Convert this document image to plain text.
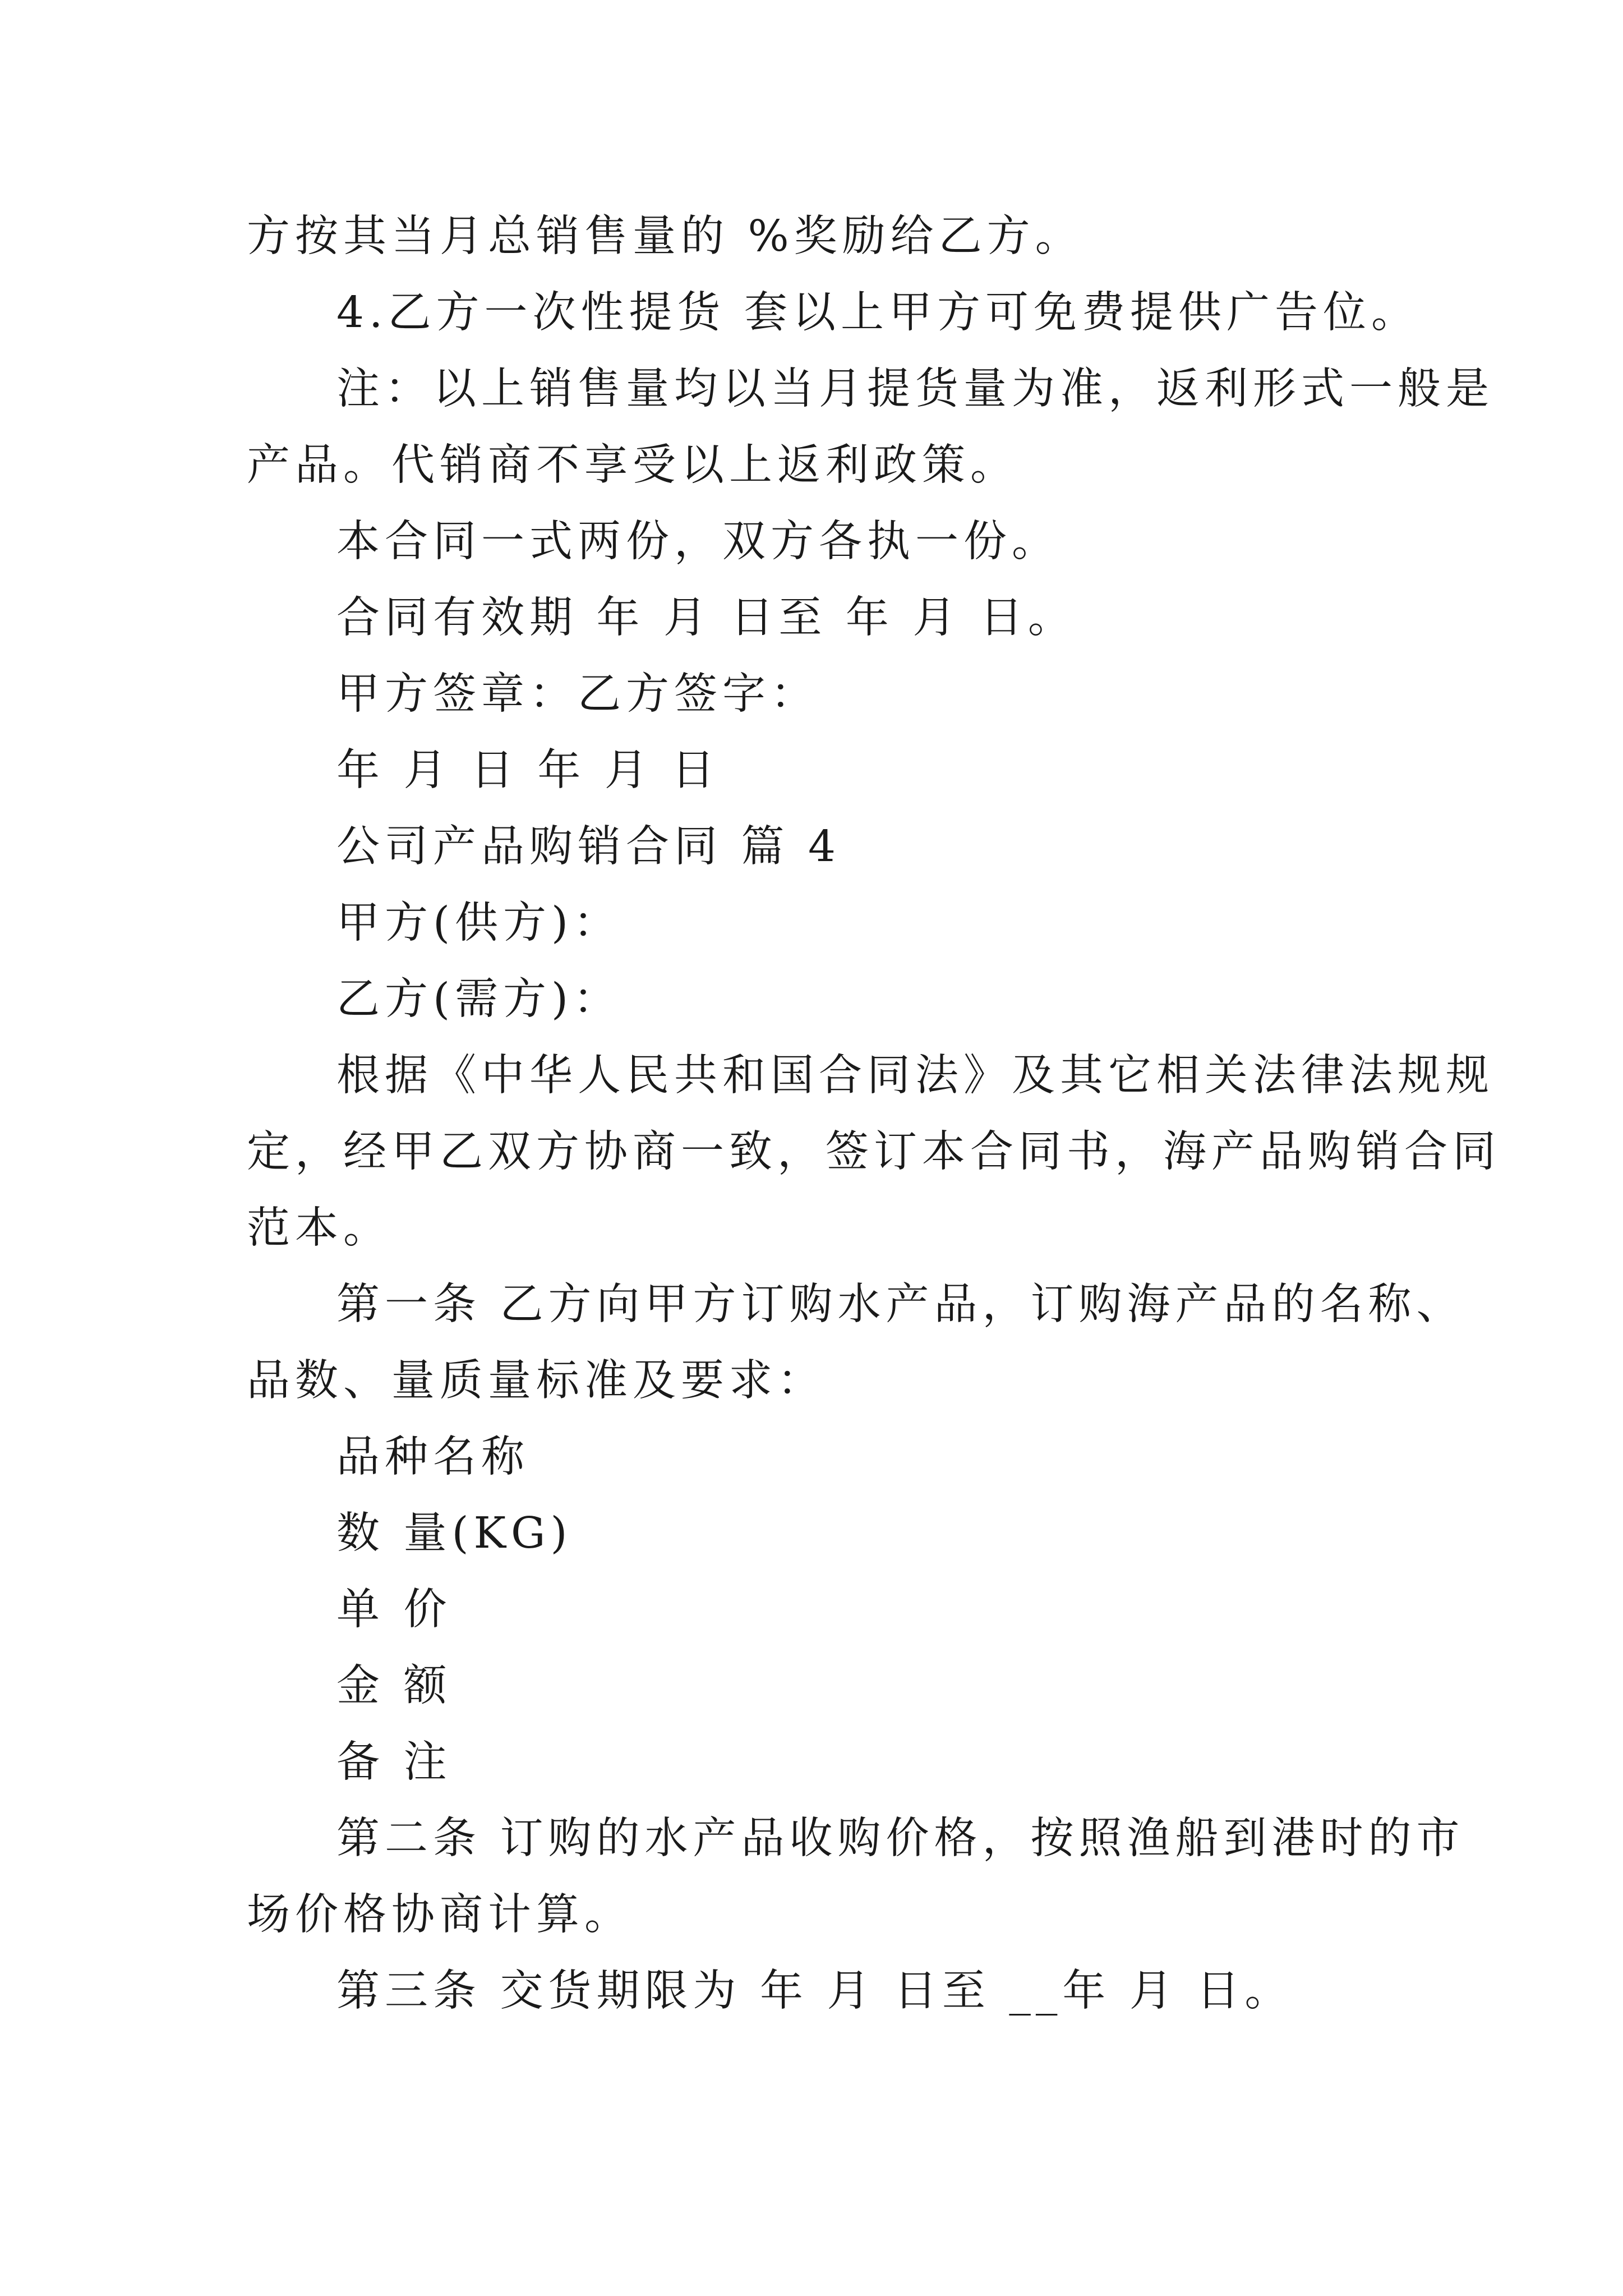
方按其当月总销售量的 %奖励给乙方。
4.乙方一次性提货 套以上甲方可免费提供广告位。
注：以上销售量均以当月提货量为准，返利形式一般是
产品。代销商不享受以上返利政策。
本合同一式两份，双方各执一份。
合同有效期 年 月 日至 年 月 日。
甲方签章：乙方签字：
年 月 日 年 月 日
公司产品购销合同 篇 4
甲方(供方)：
乙方(需方)：
根据《中华人民共和国合同法》及其它相关法律法规规
定，经甲乙双方协商一致，签订本合同书，海产品购销合同
范本。
第一条 乙方向甲方订购水产品，订购海产品的名称、
品数、量质量标准及要求：
品种名称
数 量(KG)
单 价
金 额
备 注
第二条 订购的水产品收购价格，按照渔船到港时的市
场价格协商计算。
第三条 交货期限为 年 月 日至 __年 月 日。
